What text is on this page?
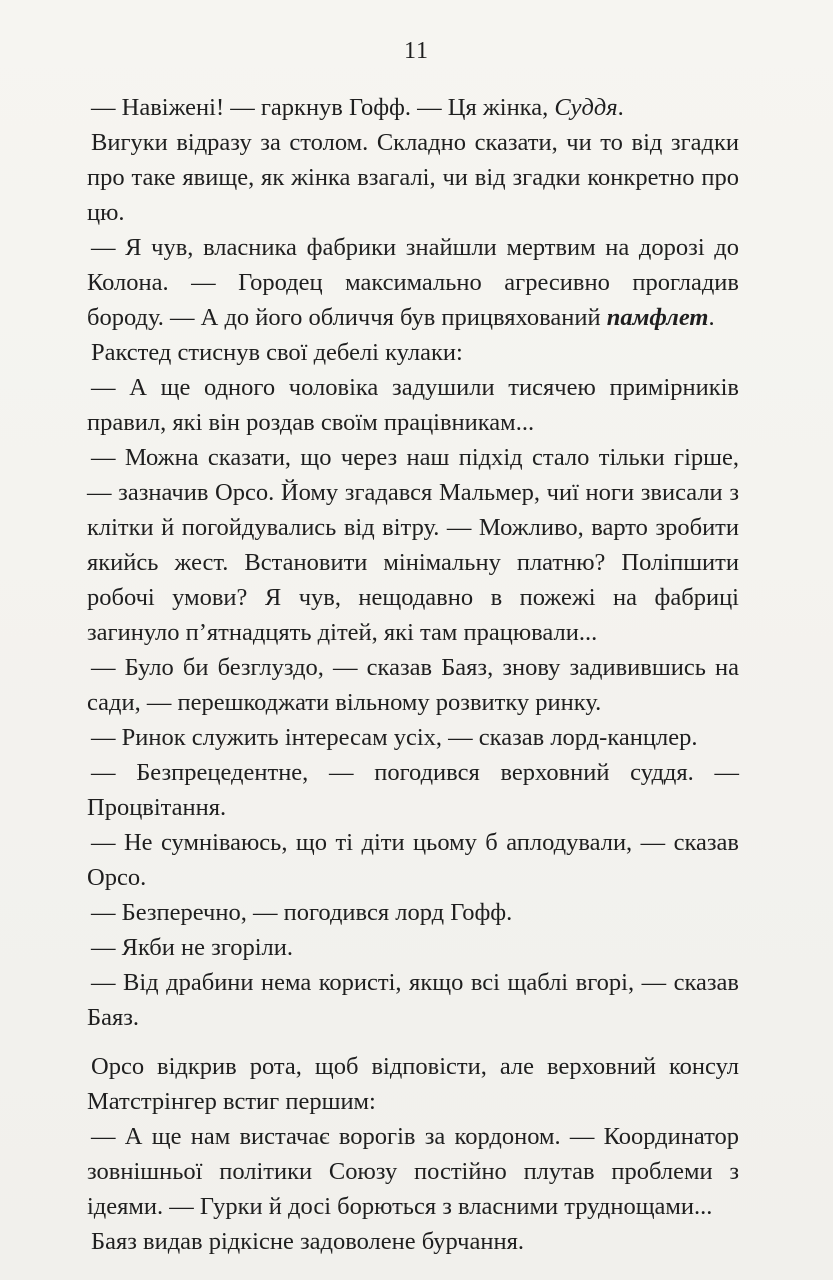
11

— Навіжені! — гаркнув Гофф. — Ця жінка, Суддя.

Вигуки відразу за столом. Складно сказати, чи то від згадки про таке явище, як жінка взагалі, чи від згадки конкретно про цю.

— Я чув, власника фабрики знайшли мертвим на дорозі до Колона. — Городец максимально агресивно прогладив бороду. — А до його обличчя був прицвяхований памфлет.

Ракстед стиснув свої дебелі кулаки:

— А ще одного чоловіка задушили тисячею примірників правил, які він роздав своїм працівникам...

— Можна сказати, що через наш підхід стало тільки гірше, — зазначив Орсо. Йому згадався Мальмер, чиї ноги звисали з клітки й погойдувались від вітру. — Можливо, варто зробити якийсь жест. Встановити мінімальну платню? Поліпшити робочі умови? Я чув, нещодавно в пожежі на фабриці загинуло п’ятнадцять дітей, які там працювали...

— Було би безглуздо, — сказав Баяз, знову задивившись на сади, — перешкоджати вільному розвитку ринку.

— Ринок служить інтересам усіх, — сказав лорд-канцлер.

— Безпрецедентне, — погодився верховний суддя. — Процвітання.

— Не сумніваюсь, що ті діти цьому б аплодували, — сказав Орсо.

— Безперечно, — погодився лорд Гофф.

— Якби не згоріли.

— Від драбини нема користі, якщо всі щаблі вгорі, — сказав Баяз.

Орсо відкрив рота, щоб відповісти, але верховний консул Матстрінгер встиг першим:

— А ще нам вистачає ворогів за кордоном. — Координатор зовнішньої політики Союзу постійно плутав проблеми з ідеями. — Гурки й досі борються з власними труднощами...

Баяз видав рідкісне задоволене бурчання.
